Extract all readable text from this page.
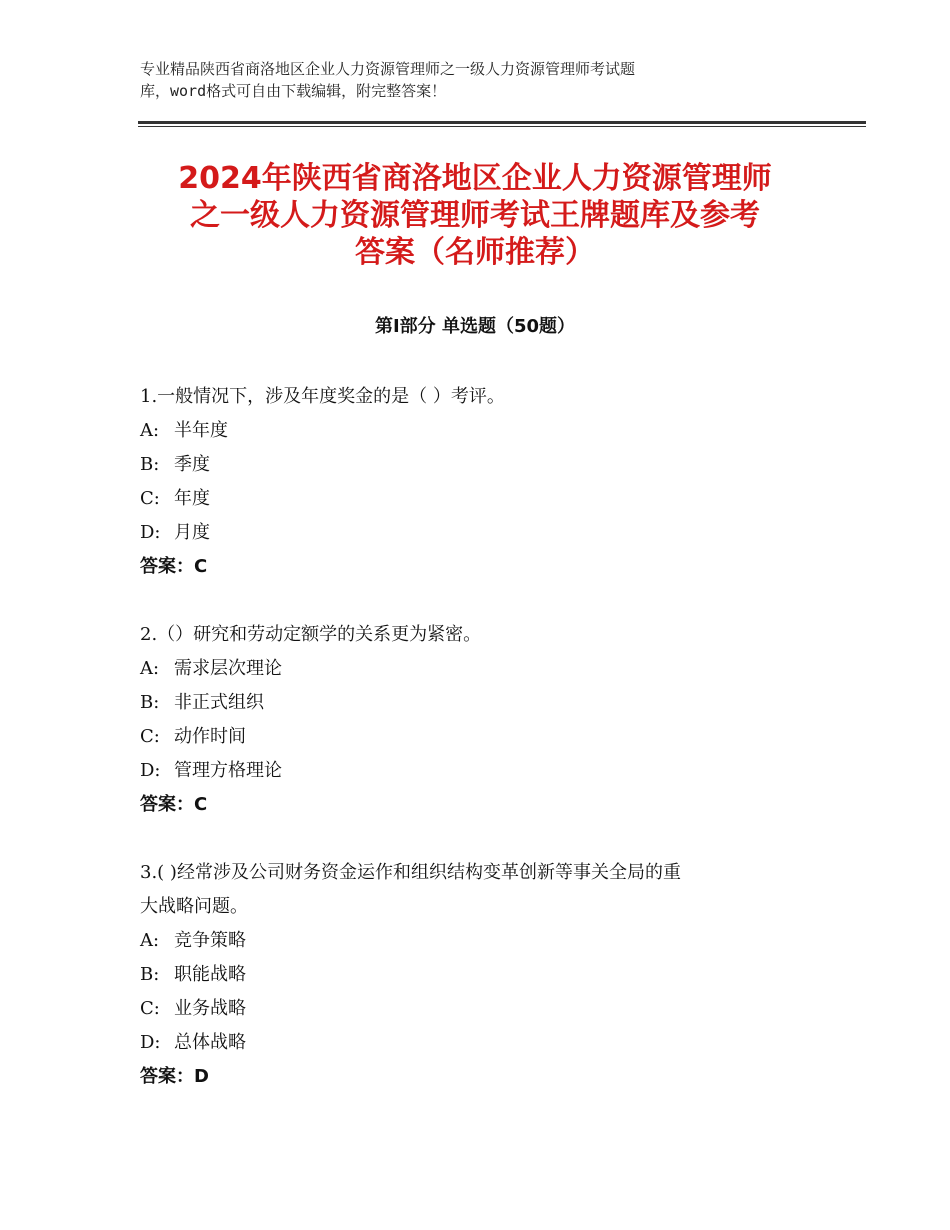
专业精品陕西省商洛地区企业人力资源管理师之一级人力资源管理师考试题
库，word格式可自由下载编辑，附完整答案！
2024年陕西省商洛地区企业人力资源管理师
之一级人力资源管理师考试王牌题库及参考
答案（名师推荐）
第Ⅰ部分 单选题（50题）
1.一般情况下，涉及年度奖金的是（ ）考评。
A: 半年度
B: 季度
C: 年度
D: 月度
答案：C
2.（）研究和劳动定额学的关系更为紧密。
A: 需求层次理论
B: 非正式组织
C: 动作时间
D: 管理方格理论
答案：C
3.( )经常涉及公司财务资金运作和组织结构变革创新等事关全局的重
大战略问题。
A: 竞争策略
B: 职能战略
C: 业务战略
D: 总体战略
答案：D
